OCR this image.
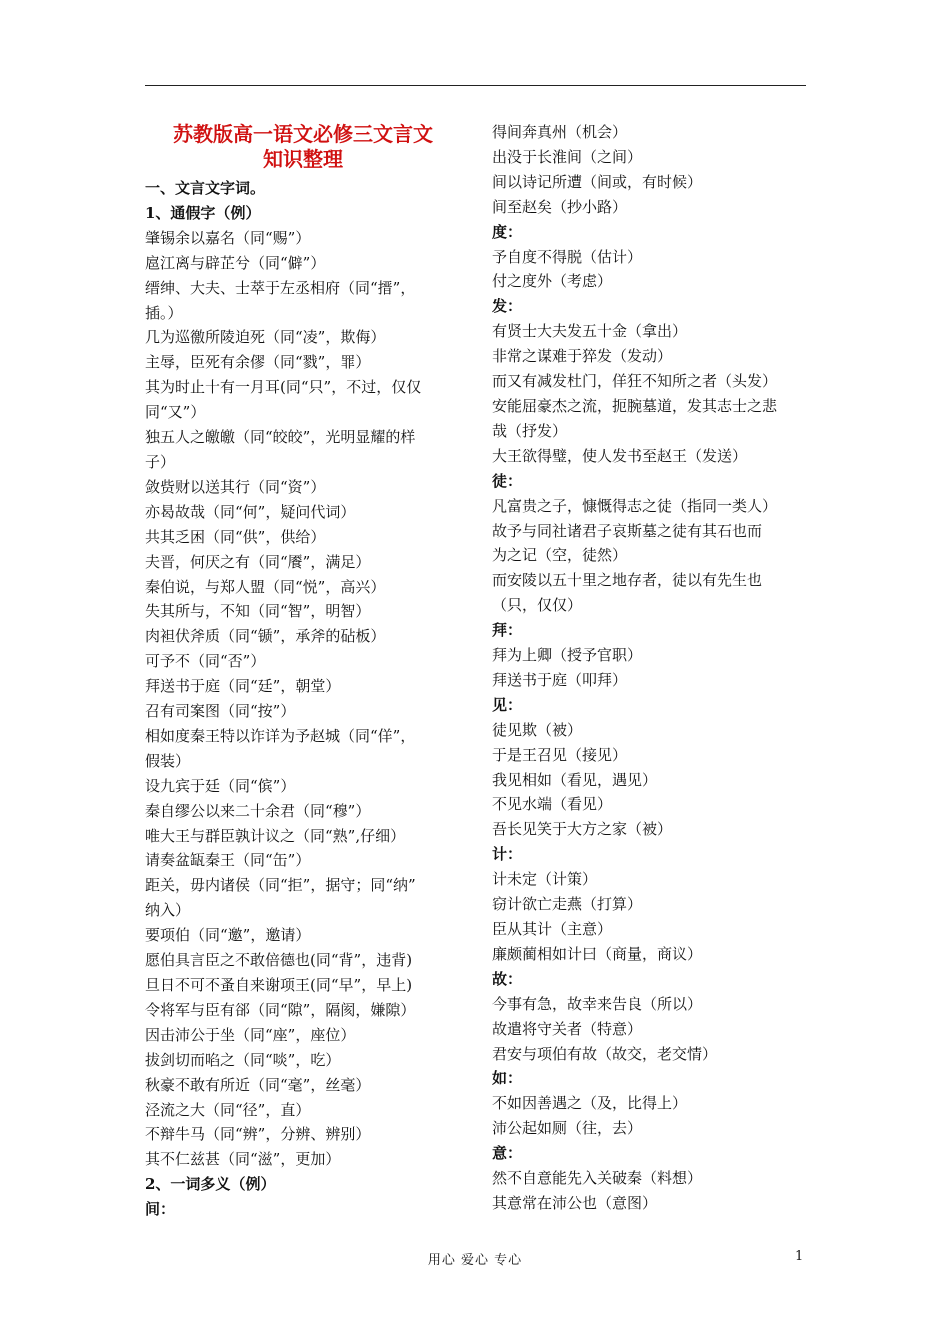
苏教版高一语文必修三文言文
知识整理
一、文言文字词。
1、通假字（例）
肇锡余以嘉名（同“赐”）
扈江离与辟芷兮（同“僻”）
缙绅、大夫、士萃于左丞相府（同“搢”，
插。）
几为巡徼所陵迫死（同“凌”，欺侮）
主辱，臣死有余僇（同“戮”，罪）
其为时止十有一月耳(同“只”，不过，仅仅
同“又”）
独五人之皦皦（同“皎皎”，光明显耀的样
子）
敛赀财以送其行（同“资”）
亦曷故哉（同“何”，疑问代词）
共其乏困（同“供”，供给）
夫晋，何厌之有（同“餍”，满足）
秦伯说，与郑人盟（同“悦”，高兴）
失其所与，不知（同“智”，明智）
肉袒伏斧质（同“锧”，承斧的砧板）
可予不（同“否”）
拜送书于庭（同“廷”，朝堂）
召有司案图（同“按”）
相如度秦王特以诈详为予赵城（同“佯”，
假装）
设九宾于廷（同“傧”）
秦自缪公以来二十余君（同“穆”）
唯大王与群臣孰计议之（同“熟”,仔细）
请奏盆缻秦王（同“缶”）
距关，毋内诸侯（同“拒”，据守；同“纳”
纳入）
要项伯（同“邀”，邀请）
愿伯具言臣之不敢倍德也(同“背”，违背)
旦日不可不蚤自来谢项王(同“早”，早上)
令将军与臣有郤（同“隙”，隔阂，嫌隙）
因击沛公于坐（同“座”，座位）
拔剑切而啗之（同“啖”，吃）
秋豪不敢有所近（同“毫”，丝毫）
泾流之大（同“径”，直）
不辩牛马（同“辨”，分辨、辨别）
其不仁兹甚（同“滋”，更加）
2、一词多义（例）
间：
得间奔真州（机会）
出没于长淮间（之间）
间以诗记所遭（间或，有时候）
间至赵矣（抄小路）
度：
予自度不得脱（估计）
付之度外（考虑）
发：
有贤士大夫发五十金（拿出）
非常之谋难于猝发（发动）
而又有减发杜门，佯狂不知所之者（头发）
安能屈豪杰之流，扼腕墓道，发其志士之悲
哉（抒发）
大王欲得璧，使人发书至赵王（发送）
徒：
凡富贵之子，慷慨得志之徒（指同一类人）
故予与同社诸君子哀斯墓之徒有其石也而
为之记（空，徒然）
而安陵以五十里之地存者，徒以有先生也
（只，仅仅）
拜：
拜为上卿（授予官职）
拜送书于庭（叩拜）
见：
徒见欺（被）
于是王召见（接见）
我见相如（看见，遇见）
不见水端（看见）
吾长见笑于大方之家（被）
计：
计未定（计策）
窃计欲亡走燕（打算）
臣从其计（主意）
廉颇蔺相如计曰（商量，商议）
故：
今事有急，故幸来告良（所以）
故遣将守关者（特意）
君安与项伯有故（故交，老交情）
如：
不如因善遇之（及，比得上）
沛公起如厕（往，去）
意：
然不自意能先入关破秦（料想）
其意常在沛公也（意图）
用心 爱心 专心	1
